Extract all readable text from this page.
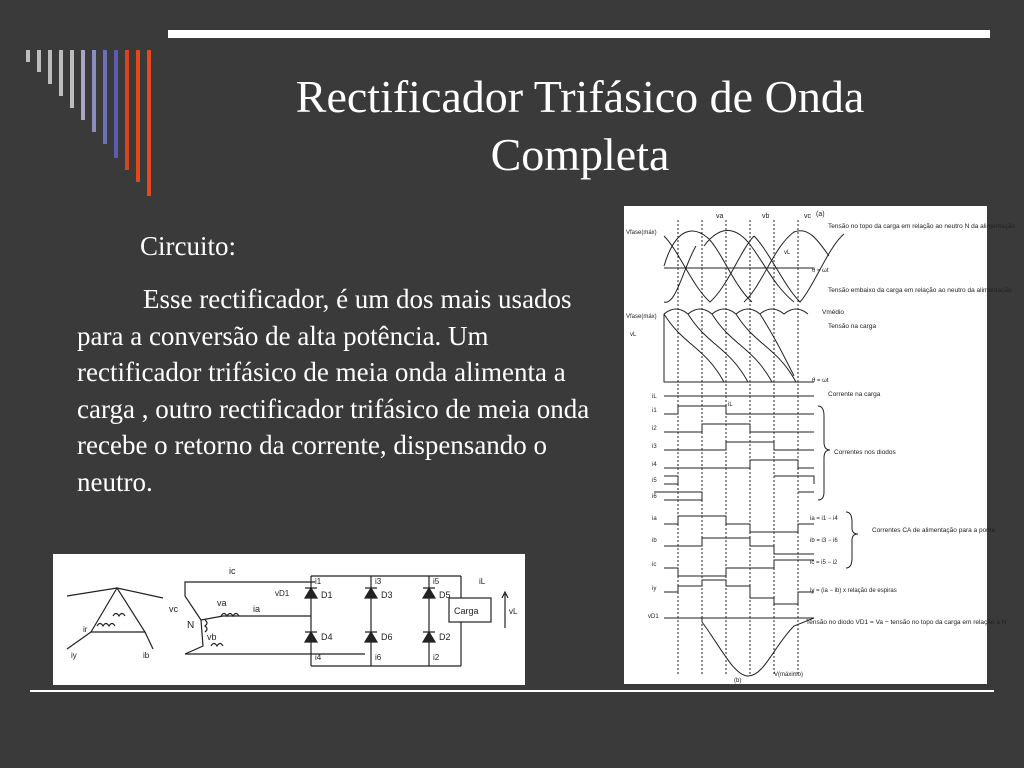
Rectificador Trifásico de Onda
Completa
Circuito:
Esse rectificador, é um dos mais usados para a conversão de alta potência. Um rectificador trifásico de meia onda alimenta a carga , outro rectificador trifásico de meia onda recebe o retorno da corrente, dispensando o neutro.
ir
iy	ib
ic
vc
va
ia
N
vb
vD1
i1	i3	i5
D1	D3	D5
D4	D6	D2
i4	i6	i2
Carga
iL
vL
(a)
va	vb	vc
Vfase(máx)
θ = ωt
vL
Tensão no topo da carga em relação ao neutro N da alimentação
Tensão embaixo da carga em relação ao neutro da alimentação
Vfase(máx)
vL
Vmédio
Tensão na carga
θ = ωt
iL	Corrente na carga
iL
i1
i2
i3
i4
i5
i6
Correntes nos diodos
ia
ib
ic
iy
ia = i1 − i4
ib = i3 − i6
ic = i5 − i2
Correntes CA de alimentação para a ponte
iy = (ia − ib) x relação de espiras
vD1
Tensão no diodo VD1 = Va − tensão no topo da carga em relação a N
V(máximo)
(b)
